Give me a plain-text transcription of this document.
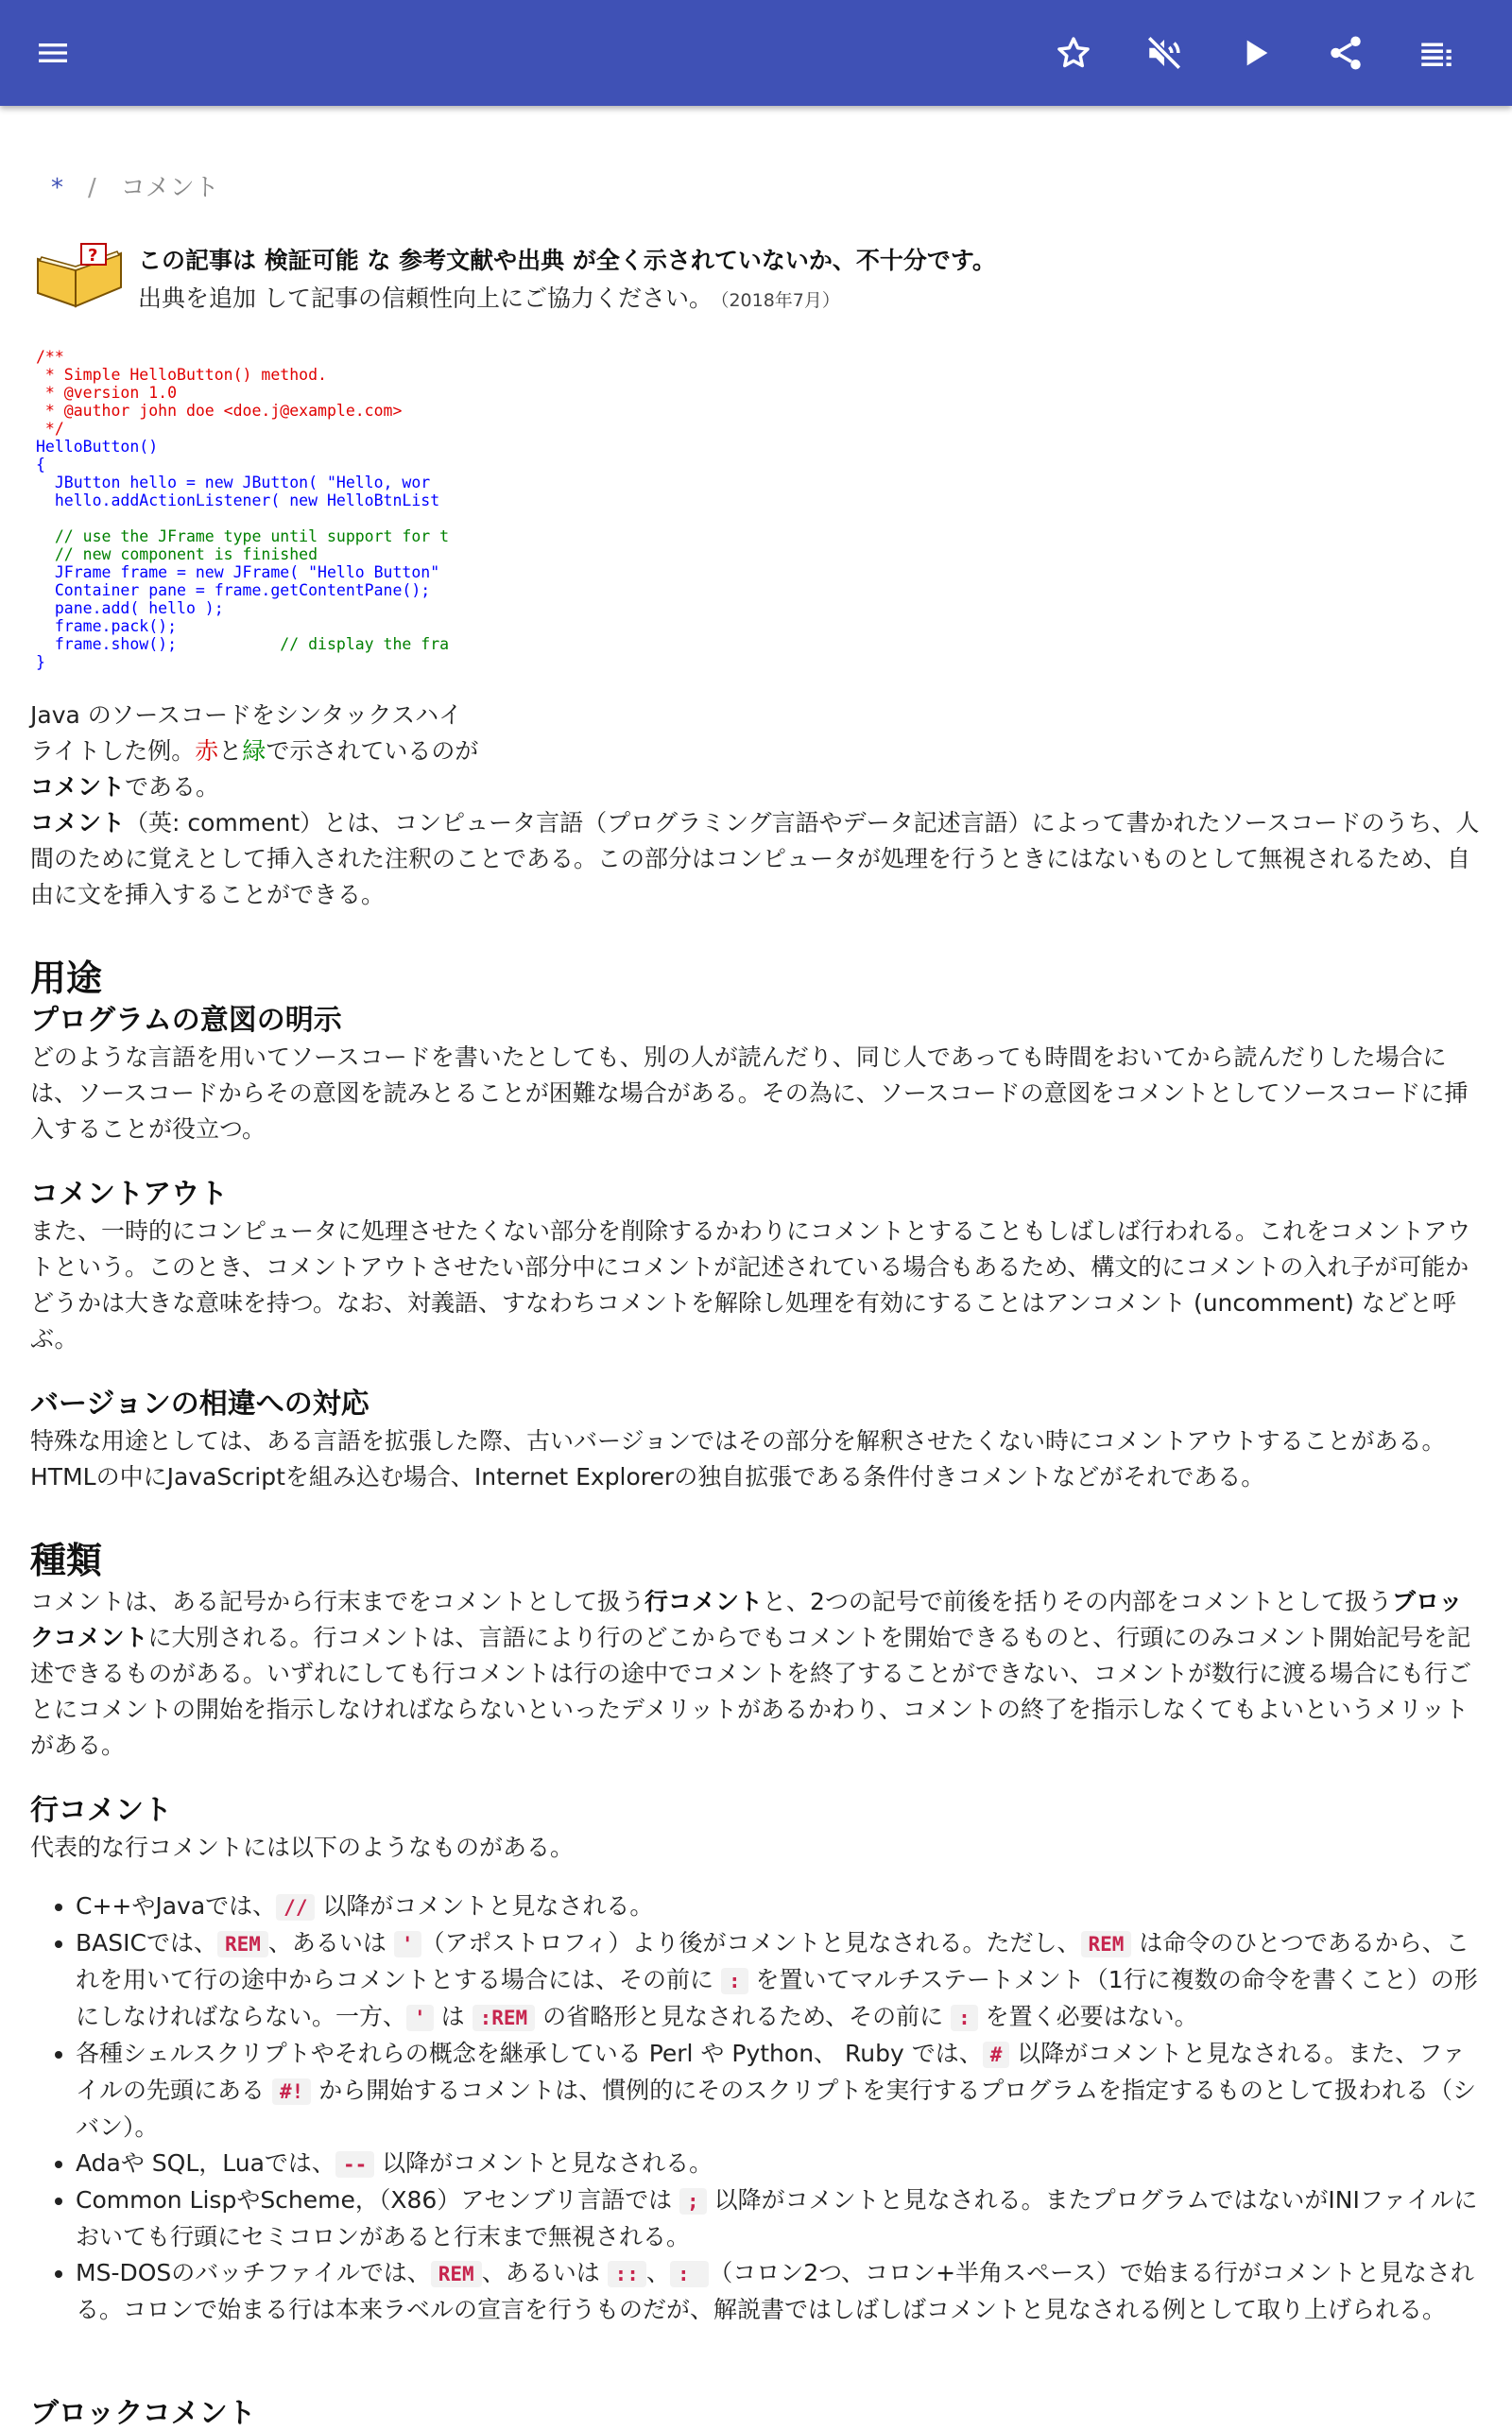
* / コメント
? この記事は 検証可能 な 参考文献や出典 が全く示されていないか、不十分です。
出典を追加 して記事の信頼性向上にご協力ください。 （2018年7月）
/**
* Simple HelloButton() method.
* @version 1.0
* @author john doe <doe.j@example.com>
*/
HelloButton()
{
JButton hello = new JButton( "Hello, wor
hello.addActionListener( new HelloBtnList

// use the JFrame type until support for t
// new component is finished
JFrame frame = new JFrame( "Hello Button"
Container pane = frame.getContentPane();
pane.add( hello );
frame.pack();
frame.show();           // display the fra
}
Java のソースコードをシンタックスハイライトした例。赤と緑で示されているのがコメントである。

コメント（英: comment）とは、コンピュータ言語（プログラミング言語やデータ記述言語）によって書かれたソースコードのうち、人間のために覚えとして挿入された注釈のことである。この部分はコンピュータが処理を行うときにはないものとして無視されるため、自由に文を挿入することができる。

用途
プログラムの意図の明示

どのような言語を用いてソースコードを書いたとしても、別の人が読んだり、同じ人であっても時間をおいてから読んだりした場合には、ソースコードからその意図を読みとることが困難な場合がある。その為に、ソースコードの意図をコメントとしてソースコードに挿入することが役立つ。

コメントアウト

また、一時的にコンピュータに処理させたくない部分を削除するかわりにコメントとすることもしばしば行われる。これをコメントアウトという。このとき、コメントアウトさせたい部分中にコメントが記述されている場合もあるため、構文的にコメントの入れ子が可能かどうかは大きな意味を持つ。なお、対義語、すなわちコメントを解除し処理を有効にすることはアンコメント (uncomment) などと呼ぶ。

バージョンの相違への対応

特殊な用途としては、ある言語を拡張した際、古いバージョンではその部分を解釈させたくない時にコメントアウトすることがある。HTMLの中にJavaScriptを組み込む場合、Internet Explorerの独自拡張である条件付きコメントなどがそれである。

種類

コメントは、ある記号から行末までをコメントとして扱う行コメントと、2つの記号で前後を括りその内部をコメントとして扱うブロックコメントに大別される。行コメントは、言語により行のどこからでもコメントを開始できるものと、行頭にのみコメント開始記号を記述できるものがある。いずれにしても行コメントは行の途中でコメントを終了することができない、コメントが数行に渡る場合にも行ごとにコメントの開始を指示しなければならないといったデメリットがあるかわり、コメントの終了を指示しなくてもよいというメリットがある。

行コメント

代表的な行コメントには以下のようなものがある。

• C++やJavaでは、 // 以降がコメントと見なされる。
• BASICでは、 REM 、あるいは ' （アポストロフィ）より後がコメントと見なされる。ただし、 REM は命令のひとつであるから、これを用いて行の途中からコメントとする場合には、その前に : を置いてマルチステートメント（1行に複数の命令を書くこと）の形にしなければならない。一方、 ' は :REM の省略形と見なされるため、その前に : を置く必要はない。
• 各種シェルスクリプトやそれらの概念を継承している Perl や Python、 Ruby では、 # 以降がコメントと見なされる。また、ファイルの先頭にある #! から開始するコメントは、慣例的にそのスクリプトを実行するプログラムを指定するものとして扱われる（シバン）。
• Adaや SQL，Luaでは、 -- 以降がコメントと見なされる。
• Common LispやScheme，（X86）アセンブリ言語では ; 以降がコメントと見なされる。またプログラムではないがINIファイルにおいても行頭にセミコロンがあると行末まで無視される。
• MS-DOSのバッチファイルでは、 REM 、あるいは :: 、 : （コロン2つ、コロン+半角スペース）で始まる行がコメントと見なされる。コロンで始まる行は本来ラベルの宣言を行うものだが、解説書ではしばしばコメントと見なされる例として取り上げられる。
ブロックコメント
